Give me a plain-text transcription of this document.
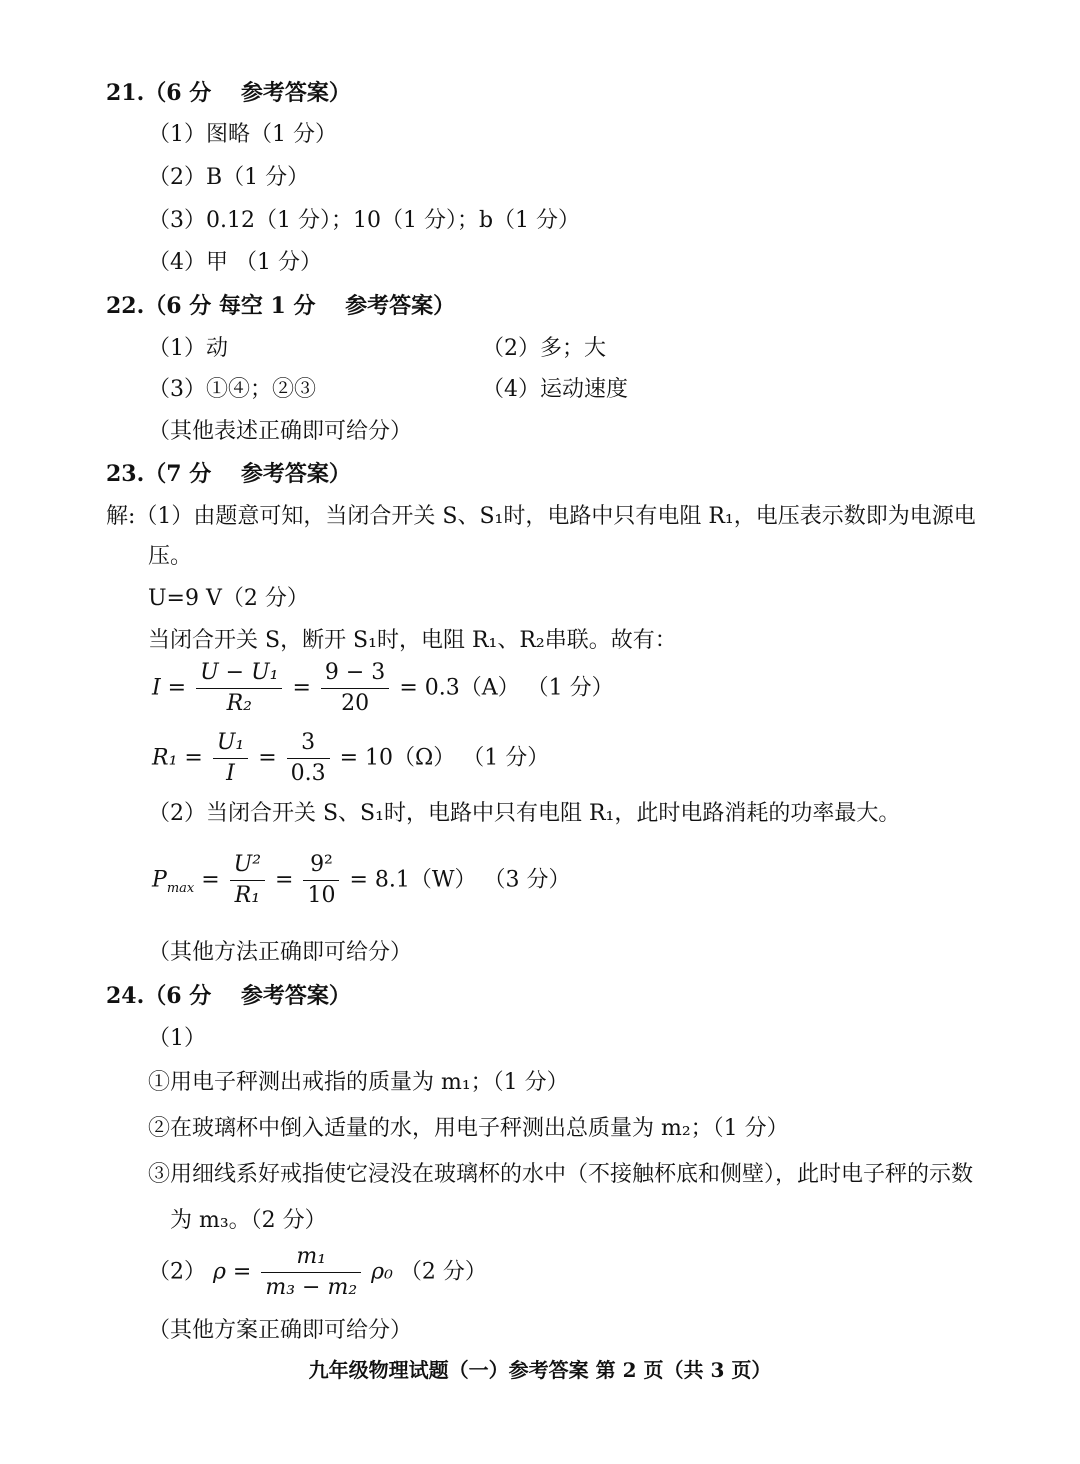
21.（6 分　 参考答案）
（1）图略（1 分）
（2）B（1 分）
（3）0.12（1 分）；10（1 分）；b（1 分）
（4）甲 （1 分）
22.（6 分 每空 1 分　 参考答案）
（1）动	（2）多；大
（3）①④；②③	（4）运动速度
（其他表述正确即可给分）
23.（7 分　 参考答案）
解:（1）由题意可知，当闭合开关 S、S₁时，电路中只有电阻 R₁，电压表示数即为电源电
压。
U=9 V（2 分）
当闭合开关 S，断开 S₁时，电阻 R₁、R₂串联。故有：
$I = \frac{\text{U − U₁}}{\text{R₂}} = \frac{9 - 3}{20} = 0.3(A)$ （1 分）
$R_1 = \frac{\text{U₁}}{I} = \frac{3}{0.3} = 10(\Omega)$ （1 分）
（2）当闭合开关 S、S₁时，电路中只有电阻 R₁，此时电路消耗的功率最大。
$P_{max} = \frac{\text{U²}}{\text{R₁}} = \frac{\text{9²}}{10} = 8.1(W)$ （3 分）
（其他方法正确即可给分）
24.（6 分　 参考答案）
（1）
①用电子秤测出戒指的质量为 m₁；（1 分）
②在玻璃杯中倒入适量的水，用电子秤测出总质量为 m₂；（1 分）
③用细线系好戒指使它浸没在玻璃杯的水中（不接触杯底和侧壁），此时电子秤的示数
为 m₃。（2 分）
（2） $\rho = \frac{\text{m₁}}{\text{m₃ − m₂}} \rho_0$ （2 分）
（其他方案正确即可给分）
九年级物理试题（一）参考答案 第 2 页（共 3 页）
